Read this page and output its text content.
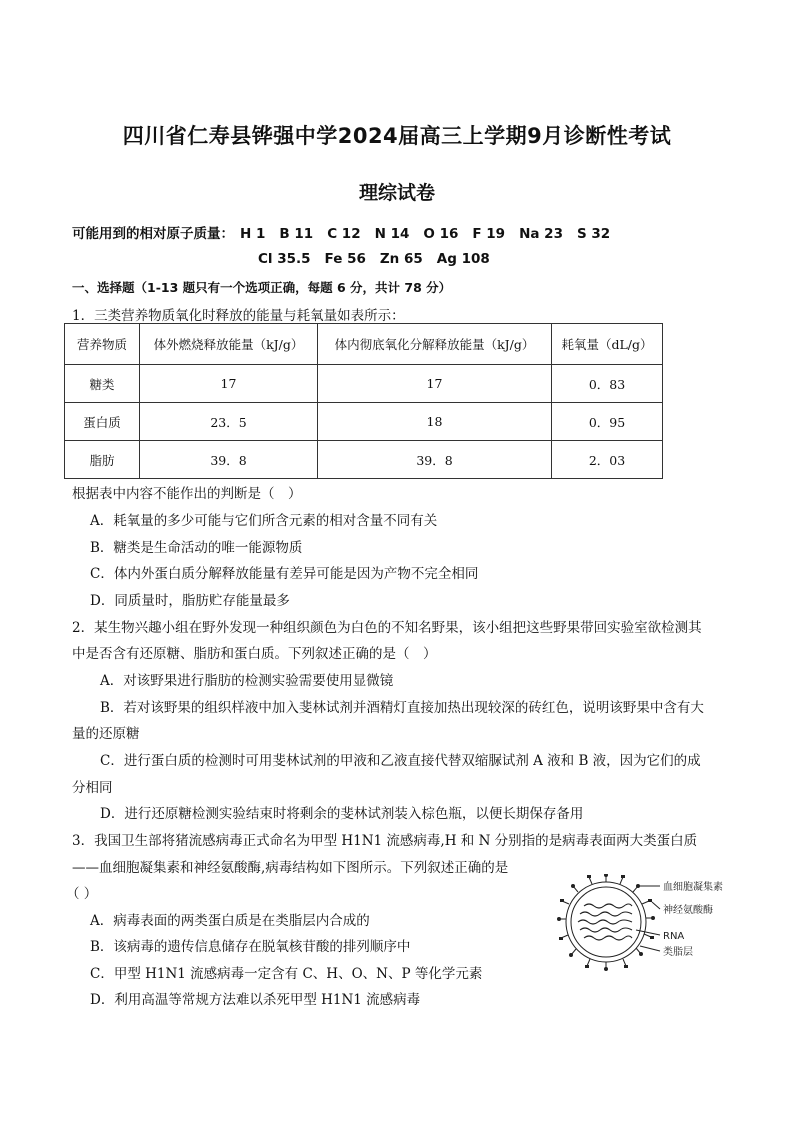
四川省仁寿县铧强中学2024届高三上学期9月诊断性考试
理综试卷
可能用到的相对原子质量： H 1 B 11 C 12 N 14 O 16 F 19 Na 23 S 32
Cl 35.5 Fe 56 Zn 65 Ag 108
一、选择题（1-13 题只有一个选项正确，每题 6 分，共计 78 分）
1．三类营养物质氧化时释放的能量与耗氧量如表所示：
营养物质	体外燃烧释放能量（kJ/g）	体内彻底氧化分解释放能量（kJ/g）	耗氧量（dL/g）
糖类	17	17	0．83
蛋白质	23．5	18	0．95
脂肪	39．8	39．8	2．03
根据表中内容不能作出的判断是（　）
A．耗氧量的多少可能与它们所含元素的相对含量不同有关
B．糖类是生命活动的唯一能源物质
C．体内外蛋白质分解释放能量有差异可能是因为产物不完全相同
D．同质量时，脂肪贮存能量最多
2．某生物兴趣小组在野外发现一种组织颜色为白色的不知名野果，该小组把这些野果带回实验室欲检测其
中是否含有还原糖、脂肪和蛋白质。下列叙述正确的是（　）
A．对该野果进行脂肪的检测实验需要使用显微镜
B．若对该野果的组织样液中加入斐林试剂并酒精灯直接加热出现较深的砖红色，说明该野果中含有大
量的还原糖
C．进行蛋白质的检测时可用斐林试剂的甲液和乙液直接代替双缩脲试剂 A 液和 B 液，因为它们的成
分相同
D．进行还原糖检测实验结束时将剩余的斐林试剂装入棕色瓶，以便长期保存备用
3．我国卫生部将猪流感病毒正式命名为甲型 H1N1 流感病毒,H 和 N 分别指的是病毒表面两大类蛋白质
——血细胞凝集素和神经氨酸酶,病毒结构如下图所示。下列叙述正确的是
（ ）
A．病毒表面的两类蛋白质是在类脂层内合成的
B．该病毒的遗传信息储存在脱氧核苷酸的排列顺序中
C．甲型 H1N1 流感病毒一定含有 C、H、O、N、P 等化学元素
D．利用高温等常规方法难以杀死甲型 H1N1 流感病毒
血细胞凝集素
神经氨酸酶
RNA
类脂层
